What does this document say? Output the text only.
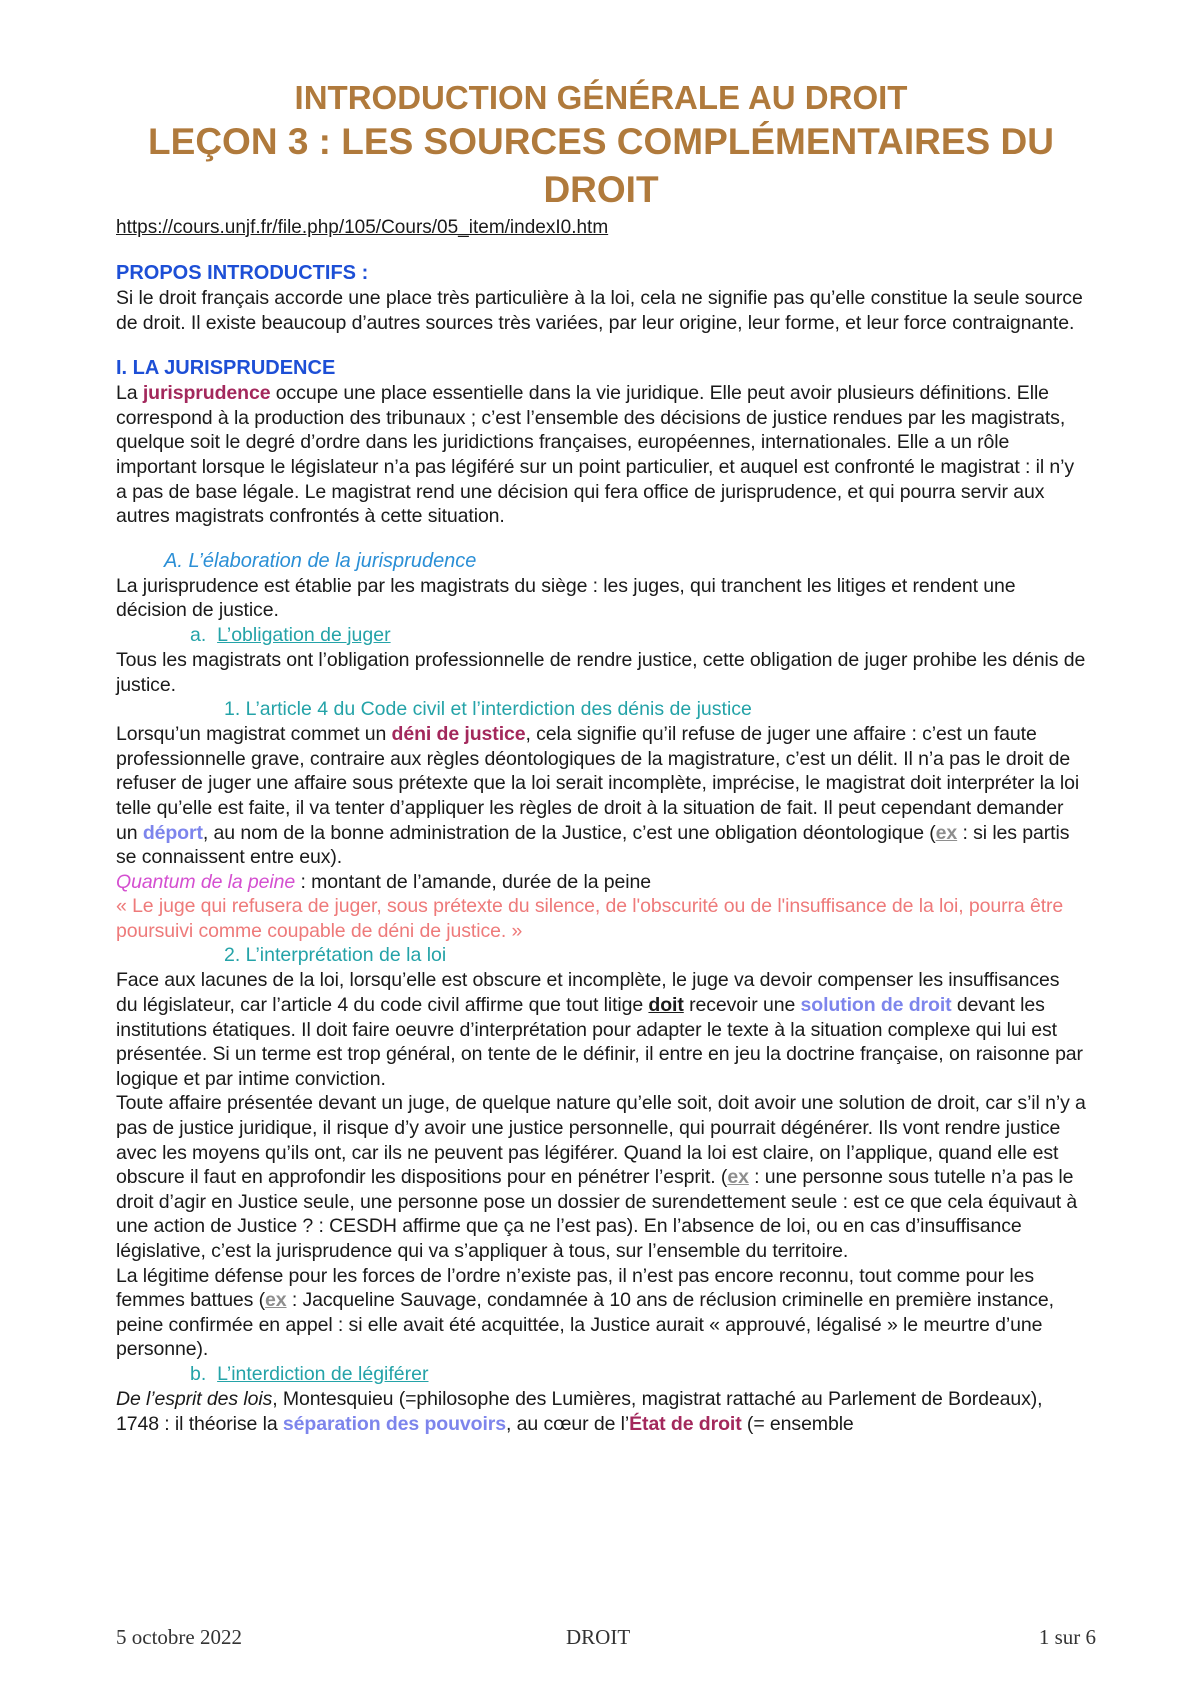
INTRODUCTION GÉNÉRALE AU DROIT

LEÇON 3 : LES SOURCES COMPLÉMENTAIRES DU DROIT

https://cours.unjf.fr/file.php/105/Cours/05_item/indexI0.htm

PROPOS INTRODUCTIFS :

Si le droit français accorde une place très particulière à la loi, cela ne signifie pas qu’elle constitue la seule source de droit. Il existe beaucoup d’autres sources très variées, par leur origine, leur forme, et leur force contraignante.

I. LA JURISPRUDENCE

La jurisprudence occupe une place essentielle dans la vie juridique. Elle peut avoir plusieurs définitions. Elle correspond à la production des tribunaux ; c’est l’ensemble des décisions de justice rendues par les magistrats, quelque soit le degré d’ordre dans les juridictions françaises, européennes, internationales. Elle a un rôle important lorsque le législateur n’a pas légiféré sur un point particulier, et auquel est confronté le magistrat : il n’y a pas de base légale. Le magistrat rend une décision qui fera office de jurisprudence, et qui pourra servir aux autres magistrats confrontés à cette situation.

A. L’élaboration de la jurisprudence

La jurisprudence est établie par les magistrats du siège : les juges, qui tranchent les litiges et rendent une décision de justice.

a. L’obligation de juger

Tous les magistrats ont l’obligation professionnelle de rendre justice, cette obligation de juger prohibe les dénis de justice.

1. L’article 4 du Code civil et l’interdiction des dénis de justice

Lorsqu’un magistrat commet un déni de justice, cela signifie qu’il refuse de juger une affaire : c’est un faute professionnelle grave, contraire aux règles déontologiques de la magistrature, c’est un délit. Il n’a pas le droit de refuser de juger une affaire sous prétexte que la loi serait incomplète, imprécise, le magistrat doit interpréter la loi telle qu’elle est faite, il va tenter d’appliquer les règles de droit à la situation de fait. Il peut cependant demander un déport, au nom de la bonne administration de la Justice, c’est une obligation déontologique (ex : si les partis se connaissent entre eux).

Quantum de la peine : montant de l’amande, durée de la peine

« Le juge qui refusera de juger, sous prétexte du silence, de l'obscurité ou de l'insuffisance de la loi, pourra être poursuivi comme coupable de déni de justice. »

2. L’interprétation de la loi

Face aux lacunes de la loi, lorsqu’elle est obscure et incomplète, le juge va devoir compenser les insuffisances du législateur, car l’article 4 du code civil affirme que tout litige doit recevoir une solution de droit devant les institutions étatiques. Il doit faire oeuvre d’interprétation pour adapter le texte à la situation complexe qui lui est présentée. Si un terme est trop général, on tente de le définir, il entre en jeu la doctrine française, on raisonne par logique et par intime conviction.

Toute affaire présentée devant un juge, de quelque nature qu’elle soit, doit avoir une solution de droit, car s’il n’y a pas de justice juridique, il risque d’y avoir une justice personnelle, qui pourrait dégénérer. Ils vont rendre justice avec les moyens qu’ils ont, car ils ne peuvent pas légiférer. Quand la loi est claire, on l’applique, quand elle est obscure il faut en approfondir les dispositions pour en pénétrer l’esprit. (ex : une personne sous tutelle n’a pas le droit d’agir en Justice seule, une personne pose un dossier de surendettement seule : est ce que cela équivaut à une action de Justice ? : CESDH affirme que ça ne l’est pas). En l’absence de loi, ou en cas d’insuffisance législative, c’est la jurisprudence qui va s’appliquer à tous, sur l’ensemble du territoire.

La légitime défense pour les forces de l’ordre n’existe pas, il n’est pas encore reconnu, tout comme pour les femmes battues (ex : Jacqueline Sauvage, condamnée à 10 ans de réclusion criminelle en première instance, peine confirmée en appel : si elle avait été acquittée, la Justice aurait « approuvé, légalisé » le meurtre d’une personne).

b. L’interdiction de légiférer

De l’esprit des lois, Montesquieu (=philosophe des Lumières, magistrat rattaché au Parlement de Bordeaux), 1748 : il théorise la séparation des pouvoirs, au cœur de l’État de droit (= ensemble

5 octobre 2022	DROIT	1 sur 6
